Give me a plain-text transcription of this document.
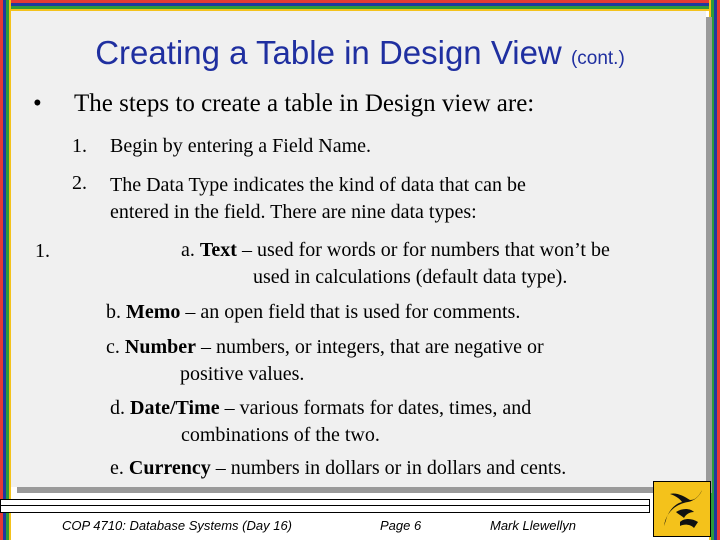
Creating a Table in Design View (cont.)
• The steps to create a table in Design view are:
1. Begin by entering a Field Name.
2. The Data Type indicates the kind of data that can be
entered in the field. There are nine data types:
1.	a. Text – used for words or for numbers that won’t be
used in calculations (default data type).
b. Memo – an open field that is used for comments.
c. Number – numbers, or integers, that are negative or
positive values.
d. Date/Time – various formats for dates, times, and
combinations of the two.
e. Currency – numbers in dollars or in dollars and cents.
COP 4710: Database Systems (Day 16)	Page 6	Mark Llewellyn
